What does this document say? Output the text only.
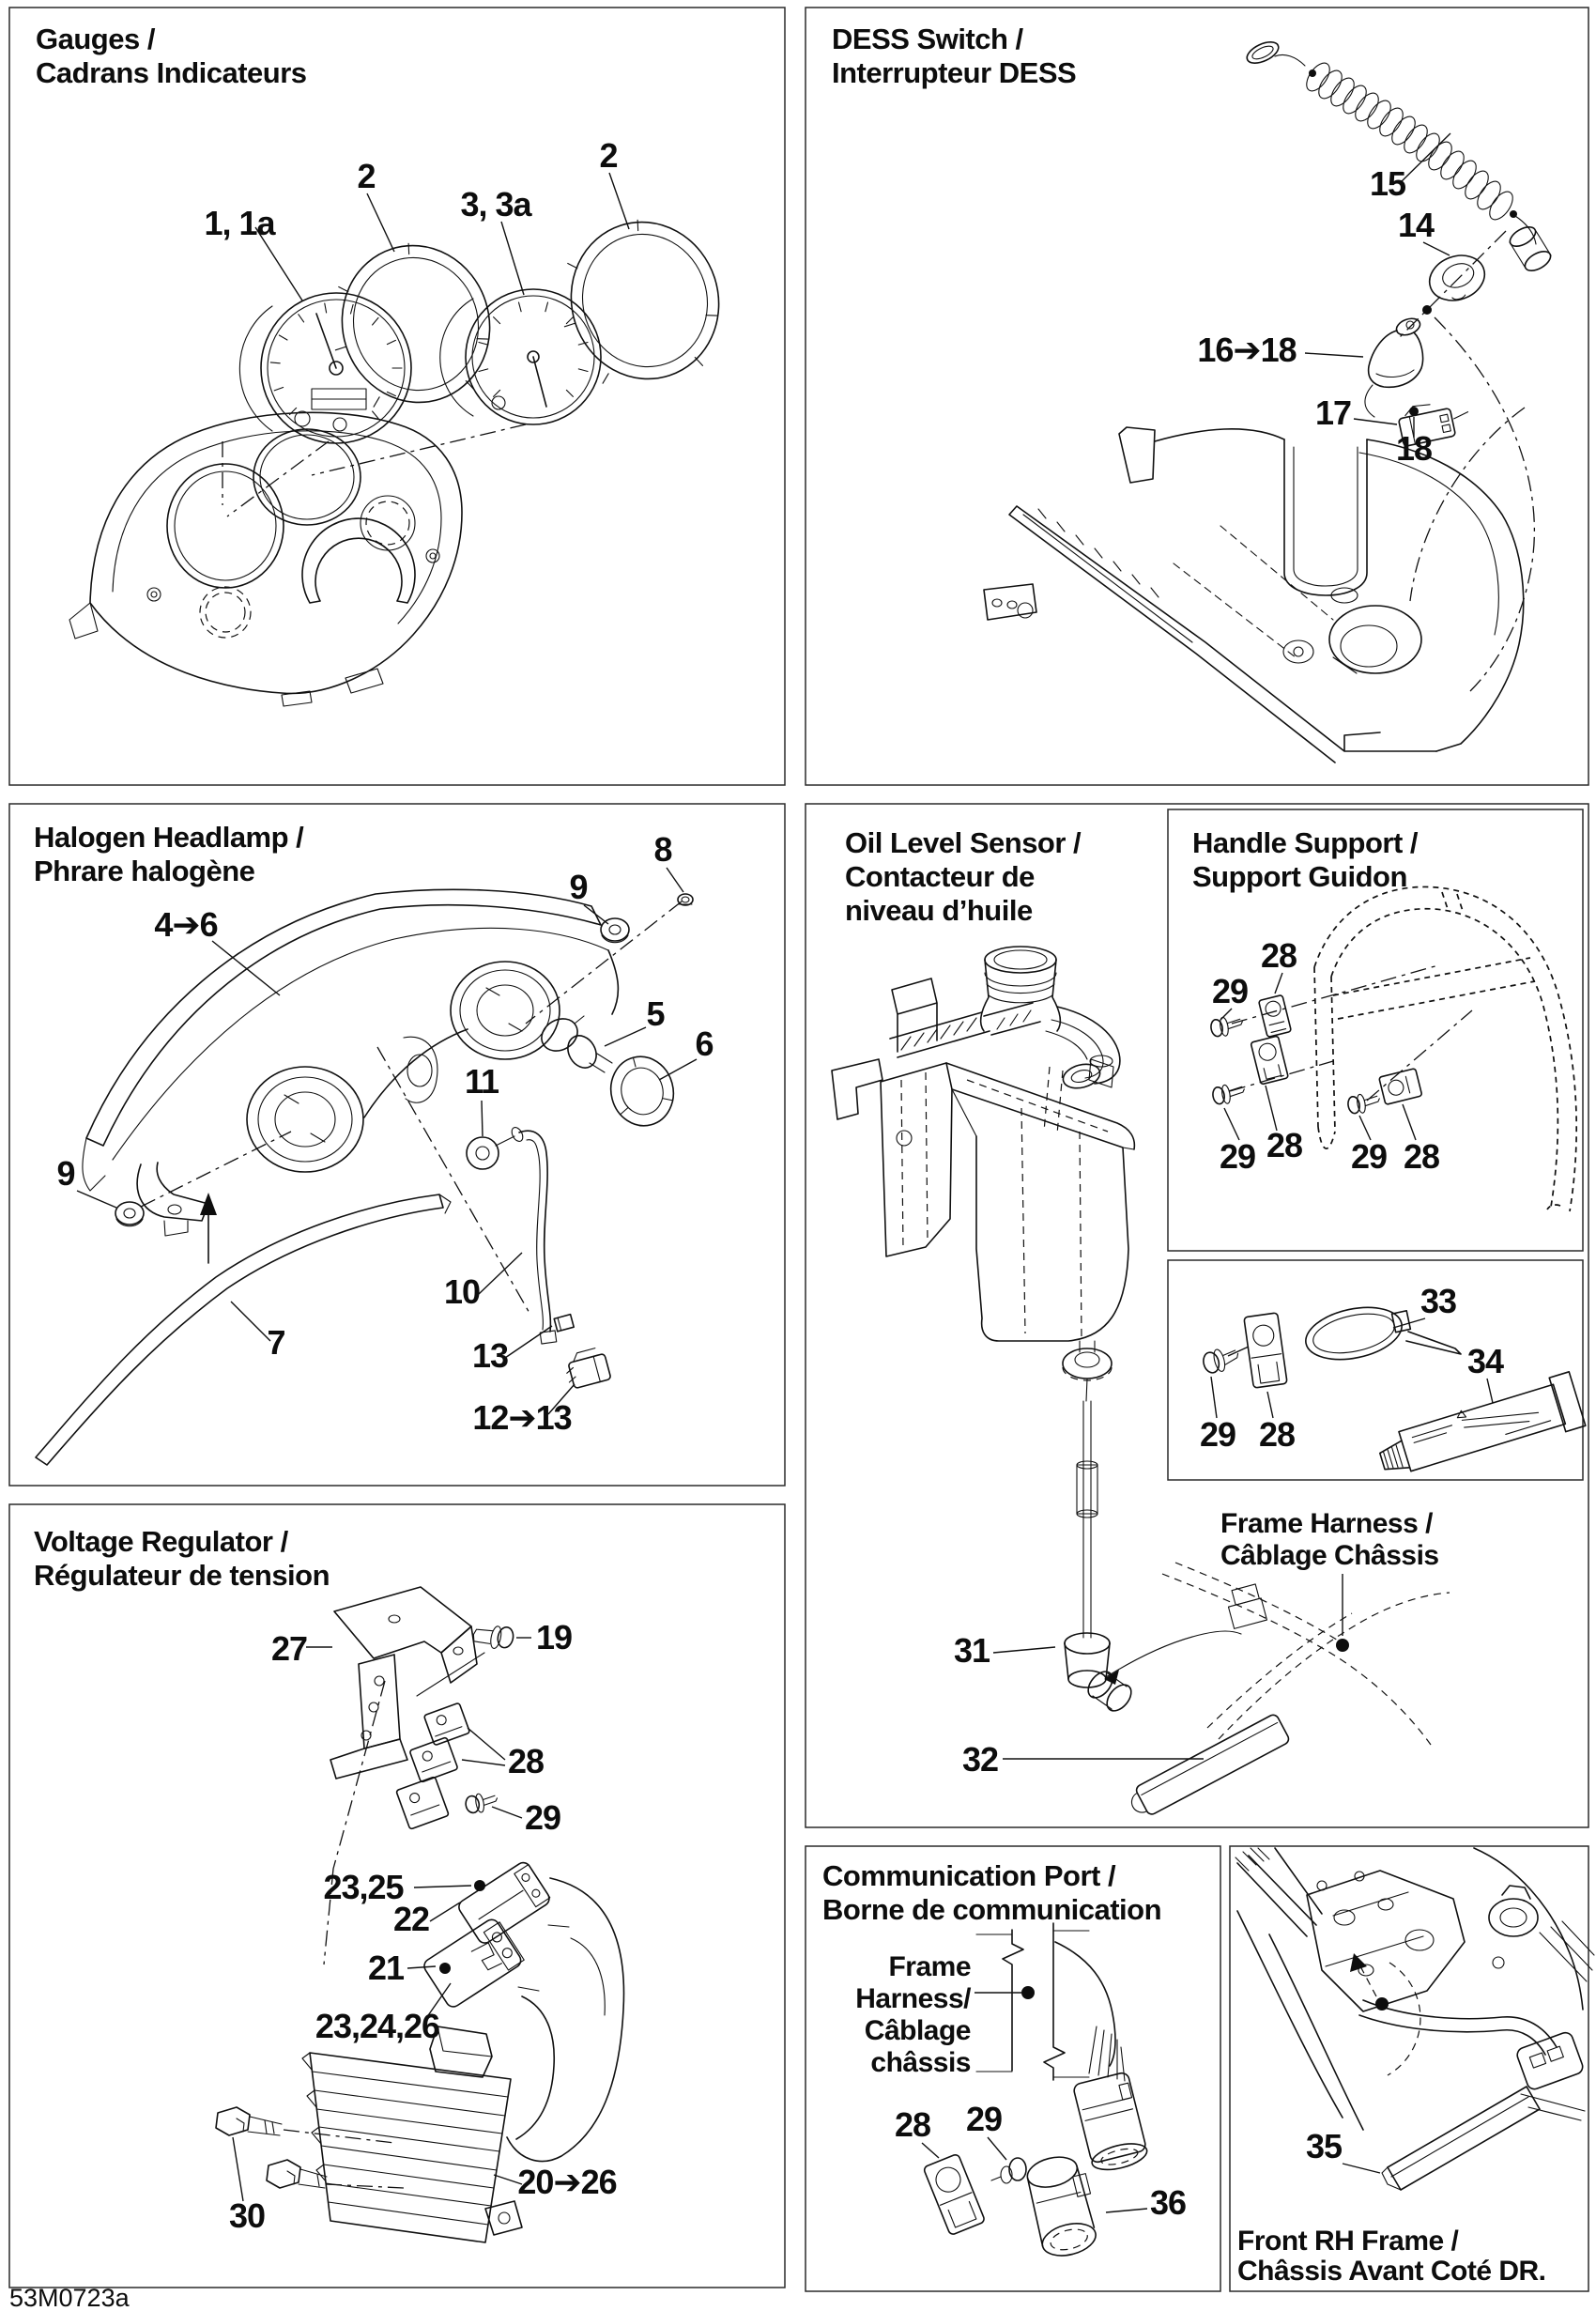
Gauges /
Cadrans Indicateurs
1, 1a
2
3, 3a
2
DESS Switch /
Interrupteur DESS
15
14
16➔18
17
18
Halogen Headlamp /
Phrare halogène
4➔6
8
9
5
6
11
9
10
7	13
12➔13
Oil Level Sensor /
Contacteur de
niveau d’huile
31
32
Frame Harness /
Câblage Châssis
Handle Support /
Support Guidon
28
29
29 28 29 28
33
34
29 28
Voltage Regulator /
Régulateur de tension
27	19
28
29
23,25
22
21
23,24,26
30
20➔26
Communication Port /
Borne de communication
Frame
Harness/
Câblage
châssis
28 29
36
35
Front RH Frame /
Châssis Avant Coté DR.
53M0723a
